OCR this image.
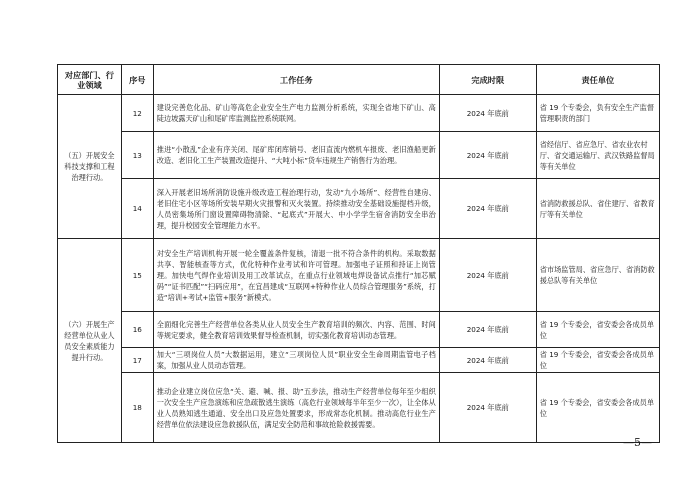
对应部门、行业领域	序号	工作任务	完成时限	责任单位
（五）开展安全科技支撑和工程治理行动。	12	建设完善危化品、矿山等高危企业安全生产电力监测分析系统，实现全省地下矿山、高陡边坡露天矿山和尾矿库监测监控系统联网。	2024 年底前	省 19 个专委会，负有安全生产监督管理职责的部门
	13	推进“小散乱”企业有序关闭、尾矿库闭库销号、老旧直流内燃机车报废、老旧渔船更新改造、老旧化工生产装置改造提升、“大吨小标”货车违规生产销售行为治理。	2024 年底前	省经信厅、省应急厅、省农业农村厅、省交通运输厅、武汉铁路监督局等有关单位
	14	深入开展老旧场所消防设施升级改造工程治理行动，发动“九小场所”、经营性自建房、老旧住宅小区等场所安装早期火灾报警和灭火装置。持续推动安全基础设施提档升级，人员密集场所门窗设置障碍物清除、“起底式”开展大、中小学学生宿舍消防安全串治理，提升校园安全管理能力水平。	2024 年底前	省消防救援总队、省住建厅、省教育厅等有关单位
（六）开展生产经营单位从业人员安全素质能力提升行动。	15	对安全生产培训机构开展一轮全覆盖条件复核，清退一批不符合条件的机构。采取数据共享、智能核查等方式，优化特种作业考试和许可管理。加强电子证照和持证上岗管理。加快电气焊作业培训及用工改革试点，在重点行业领域电焊设备试点推行“加芯赋码”“证书匹配”“扫码应用”，在宜昌建成“互联网+特种作业人员综合管理服务”系统，打造“培训+考试+监管+服务”新模式。	2024 年底前	省市场监管局、省应急厅、省消防救援总队等有关单位
	16	全面细化完善生产经营单位各类从业人员安全生产教育培训的频次、内容、范围、时间等规定要求，健全教育培训效果督导检查机制，切实强化教育培训动态管理。	2024 年底前	省 19 个专委会，省安委会各成员单位
	17	加大“三项岗位人员”大数据运用，建立“三项岗位人员”职业安全生命周期监管电子档案，加强从业人员动态管理。	2024 年底前	省 19 个专委会，省安委会各成员单位
	18	推动企业建立岗位应急“关、避、喊、报、助”五步法，推动生产经营单位每年至少组织一次安全生产应急演练和应急疏散逃生演练（高危行业领域每半年至少一次），让全体从业人员熟知逃生通道、安全出口及应急处置要求，形成常态化机制。推动高危行业生产经营单位依法建设应急救援队伍，满足安全防范和事故抢险救援需要。	2024 年底前	省 19 个专委会，省安委会各成员单位
—5—
